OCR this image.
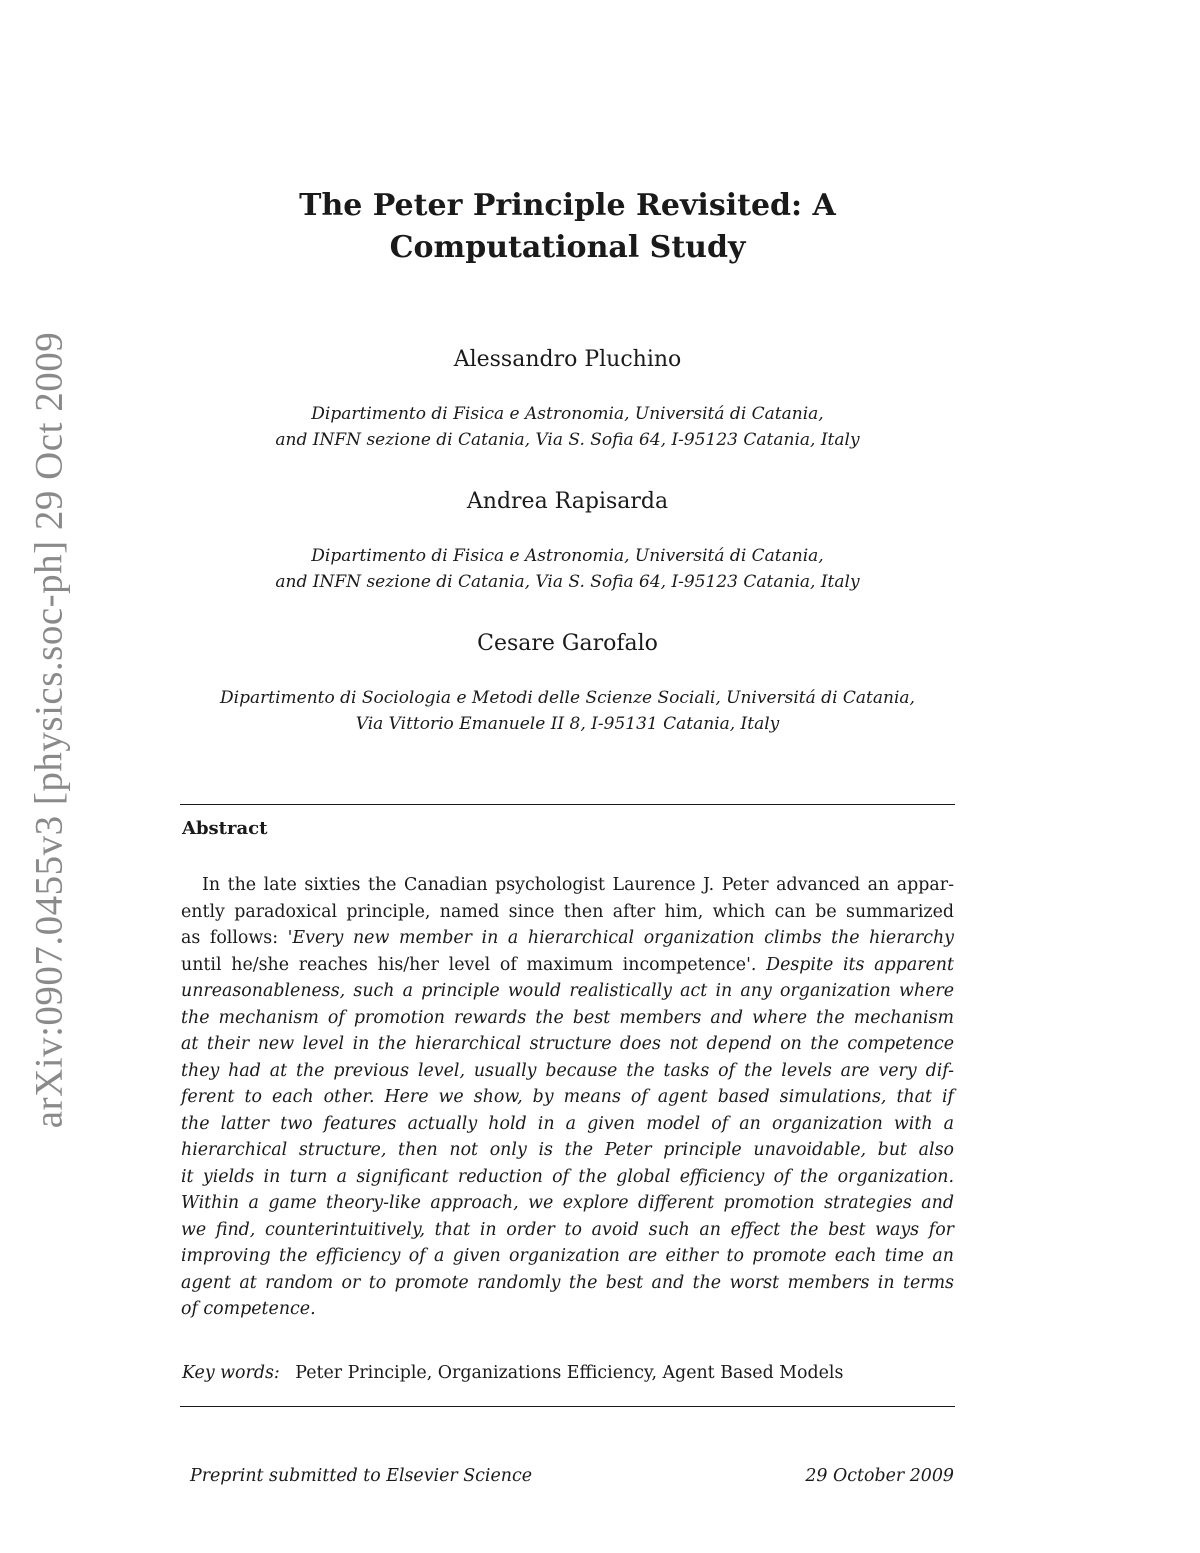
arXiv:0907.0455v3 [physics.soc-ph] 29 Oct 2009
The Peter Principle Revisited: A
Computational Study
Alessandro Pluchino
Dipartimento di Fisica e Astronomia, Universitá di Catania,
and INFN sezione di Catania, Via S. Sofia 64, I-95123 Catania, Italy
Andrea Rapisarda
Dipartimento di Fisica e Astronomia, Universitá di Catania,
and INFN sezione di Catania, Via S. Sofia 64, I-95123 Catania, Italy
Cesare Garofalo
Dipartimento di Sociologia e Metodi delle Scienze Sociali, Universitá di Catania,
Via Vittorio Emanuele II 8, I-95131 Catania, Italy
Abstract
In the late sixties the Canadian psychologist Laurence J. Peter advanced an appar-
ently paradoxical principle, named since then after him, which can be summarized
as follows: 'Every new member in a hierarchical organization climbs the hierarchy
until he/she reaches his/her level of maximum incompetence'. Despite its apparent
unreasonableness, such a principle would realistically act in any organization where
the mechanism of promotion rewards the best members and where the mechanism
at their new level in the hierarchical structure does not depend on the competence
they had at the previous level, usually because the tasks of the levels are very dif-
ferent to each other. Here we show, by means of agent based simulations, that if
the latter two features actually hold in a given model of an organization with a
hierarchical structure, then not only is the Peter principle unavoidable, but also
it yields in turn a significant reduction of the global efficiency of the organization.
Within a game theory-like approach, we explore different promotion strategies and
we find, counterintuitively, that in order to avoid such an effect the best ways for
improving the efficiency of a given organization are either to promote each time an
agent at random or to promote randomly the best and the worst members in terms
of competence.
Key words: Peter Principle, Organizations Efficiency, Agent Based Models
Preprint submitted to Elsevier Science	29 October 2009
